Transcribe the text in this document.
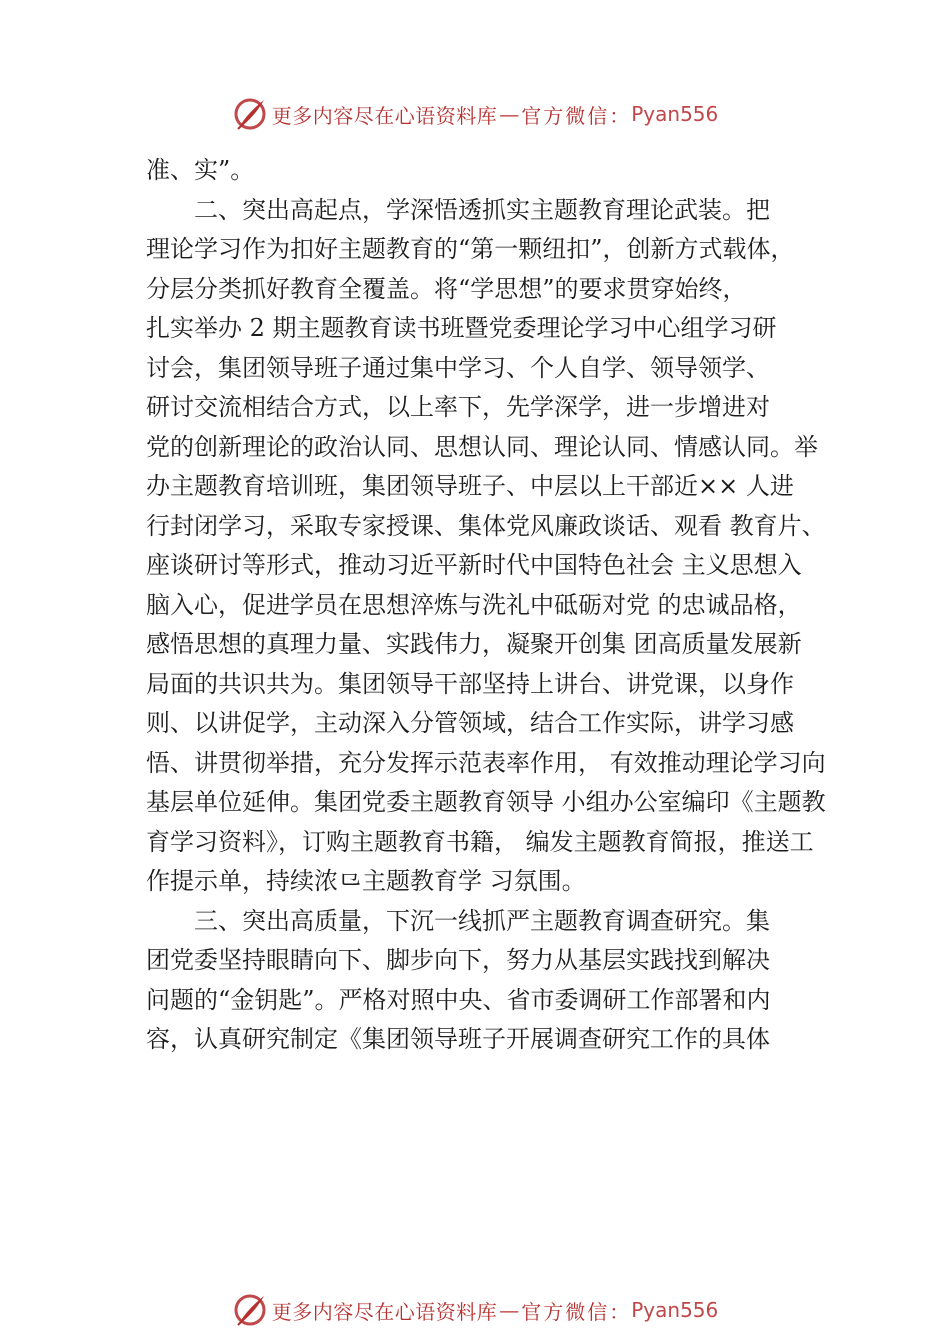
更多内容尽在心语资料库 — 官方微信： Pyan556
准、实”。
二、突出高起点，学深悟透抓实主题教育理论武装。把
理论学习作为扣好主题教育的“第一颗纽扣”，创新方式载体，
分层分类抓好教育全覆盖。将“学思想”的要求贯穿始终，
扎实举办 2 期主题教育读书班暨党委理论学习中心组学习研
讨会，集团领导班子通过集中学习、个人自学、领导领学、
研讨交流相结合方式，以上率下，先学深学，进一步增进对
党的创新理论的政治认同、思想认同、理论认同、情感认同。举
办主题教育培训班，集团领导班子、中层以上干部近×× 人进
行封闭学习，采取专家授课、集体党风廉政谈话、观看 教育片、
座谈研讨等形式，推动习近平新时代中国特色社会 主义思想入
脑入心，促进学员在思想淬炼与洗礼中砥砺对党 的忠诚品格，
感悟思想的真理力量、实践伟力，凝聚开创集 团高质量发展新
局面的共识共为。集团领导干部坚持上讲台、讲党课，以身作
则、以讲促学，主动深入分管领域，结合工作实际，讲学习感
悟、讲贯彻举措，充分发挥示范表率作用， 有效推动理论学习向
基层单位延伸。集团党委主题教育领导 小组办公室编印《主题教
育学习资料》，订购主题教育书籍， 编发主题教育简报，推送工
作提示单，持续浓⺋主题教育学 习氛围。
三、突出高质量，下沉一线抓严主题教育调查研究。集
团党委坚持眼睛向下、脚步向下，努力从基层实践找到解决
问题的“金钥匙”。严格对照中央、省市委调研工作部署和内
容，认真研究制定《集团领导班子开展调查研究工作的具体
更多内容尽在心语资料库 — 官方微信： Pyan556
